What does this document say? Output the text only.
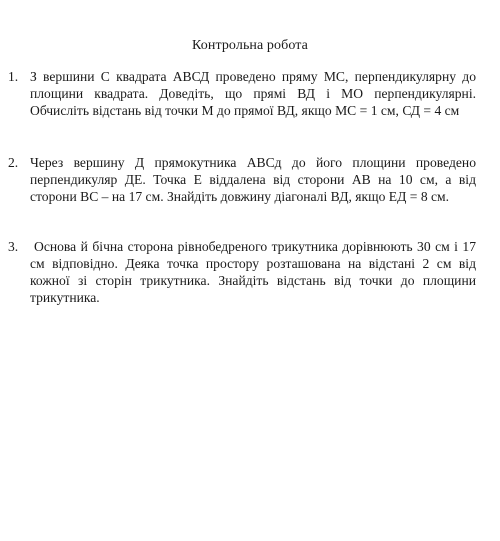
Контрольна робота
1. З вершини С квадрата АВСД проведено пряму МС, перпендикулярну до площини квадрата. Доведіть, що прямі ВД і МО перпендикулярні. Обчисліть відстань від точки М до прямої ВД, якщо МС = 1 см, СД = 4 см
2. Через вершину Д прямокутника АВСд до його площини проведено перпендикуляр ДЕ. Точка Е віддалена від сторони АВ на 10 см, а від сторони ВС – на 17 см. Знайдіть довжину діагоналі ВД, якщо ЕД = 8 см.
3. Основа й бічна сторона рівнобедреного трикутника дорівнюють 30 см і 17 см відповідно. Деяка точка простору розташована на відстані 2 см від кожної зі сторін трикутника. Знайдіть відстань від точки до площини трикутника.
